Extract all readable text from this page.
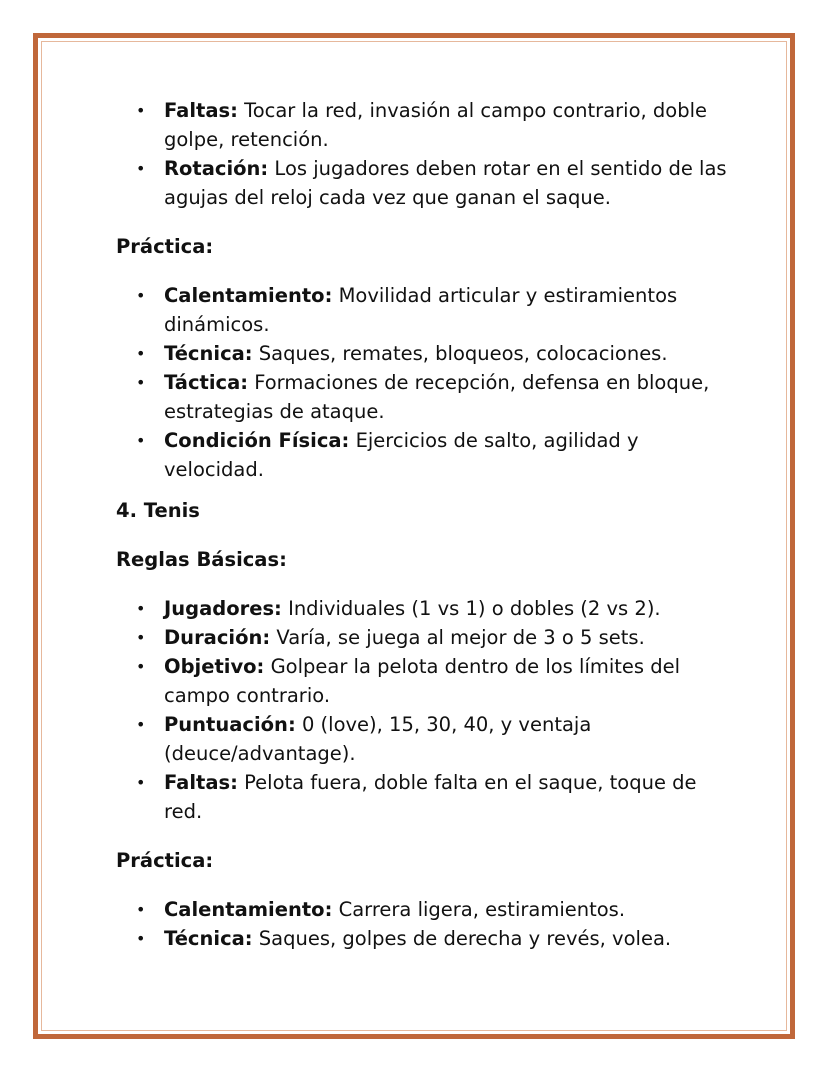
• Faltas: Tocar la red, invasión al campo contrario, doble golpe, retención.
• Rotación: Los jugadores deben rotar en el sentido de las agujas del reloj cada vez que ganan el saque.

Práctica:

• Calentamiento: Movilidad articular y estiramientos dinámicos.
• Técnica: Saques, remates, bloqueos, colocaciones.
• Táctica: Formaciones de recepción, defensa en bloque, estrategias de ataque.
• Condición Física: Ejercicios de salto, agilidad y velocidad.

4. Tenis

Reglas Básicas:

• Jugadores: Individuales (1 vs 1) o dobles (2 vs 2).
• Duración: Varía, se juega al mejor de 3 o 5 sets.
• Objetivo: Golpear la pelota dentro de los límites del campo contrario.
• Puntuación: 0 (love), 15, 30, 40, y ventaja (deuce/advantage).
• Faltas: Pelota fuera, doble falta en el saque, toque de red.

Práctica:

• Calentamiento: Carrera ligera, estiramientos.
• Técnica: Saques, golpes de derecha y revés, volea.
